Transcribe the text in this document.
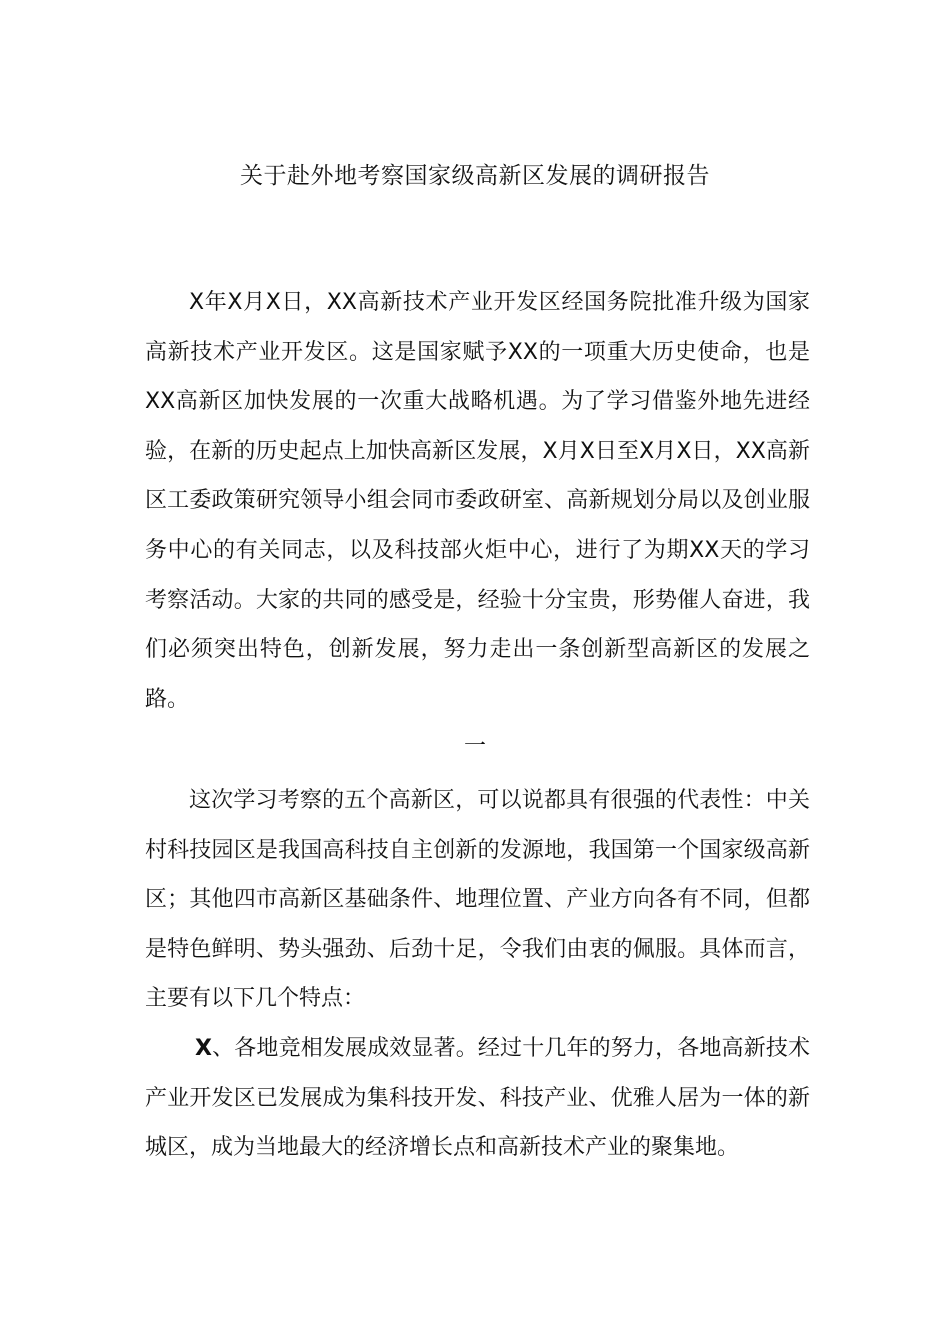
关于赴外地考察国家级高新区发展的调研报告

X年X月X日，XX高新技术产业开发区经国务院批准升级为国家高新技术产业开发区。这是国家赋予XX的一项重大历史使命，也是XX高新区加快发展的一次重大战略机遇。为了学习借鉴外地先进经验，在新的历史起点上加快高新区发展，X月X日至X月X日，XX高新区工委政策研究领导小组会同市委政研室、高新规划分局以及创业服务中心的有关同志，以及科技部火炬中心，进行了为期XX天的学习考察活动。大家的共同的感受是，经验十分宝贵，形势催人奋进，我们必须突出特色，创新发展，努力走出一条创新型高新区的发展之路。

一

这次学习考察的五个高新区，可以说都具有很强的代表性：中关村科技园区是我国高科技自主创新的发源地，我国第一个国家级高新区；其他四市高新区基础条件、地理位置、产业方向各有不同，但都是特色鲜明、势头强劲、后劲十足，令我们由衷的佩服。具体而言，主要有以下几个特点：

X、各地竞相发展成效显著。经过十几年的努力，各地高新技术产业开发区已发展成为集科技开发、科技产业、优雅人居为一体的新城区，成为当地最大的经济增长点和高新技术产业的聚集地。
